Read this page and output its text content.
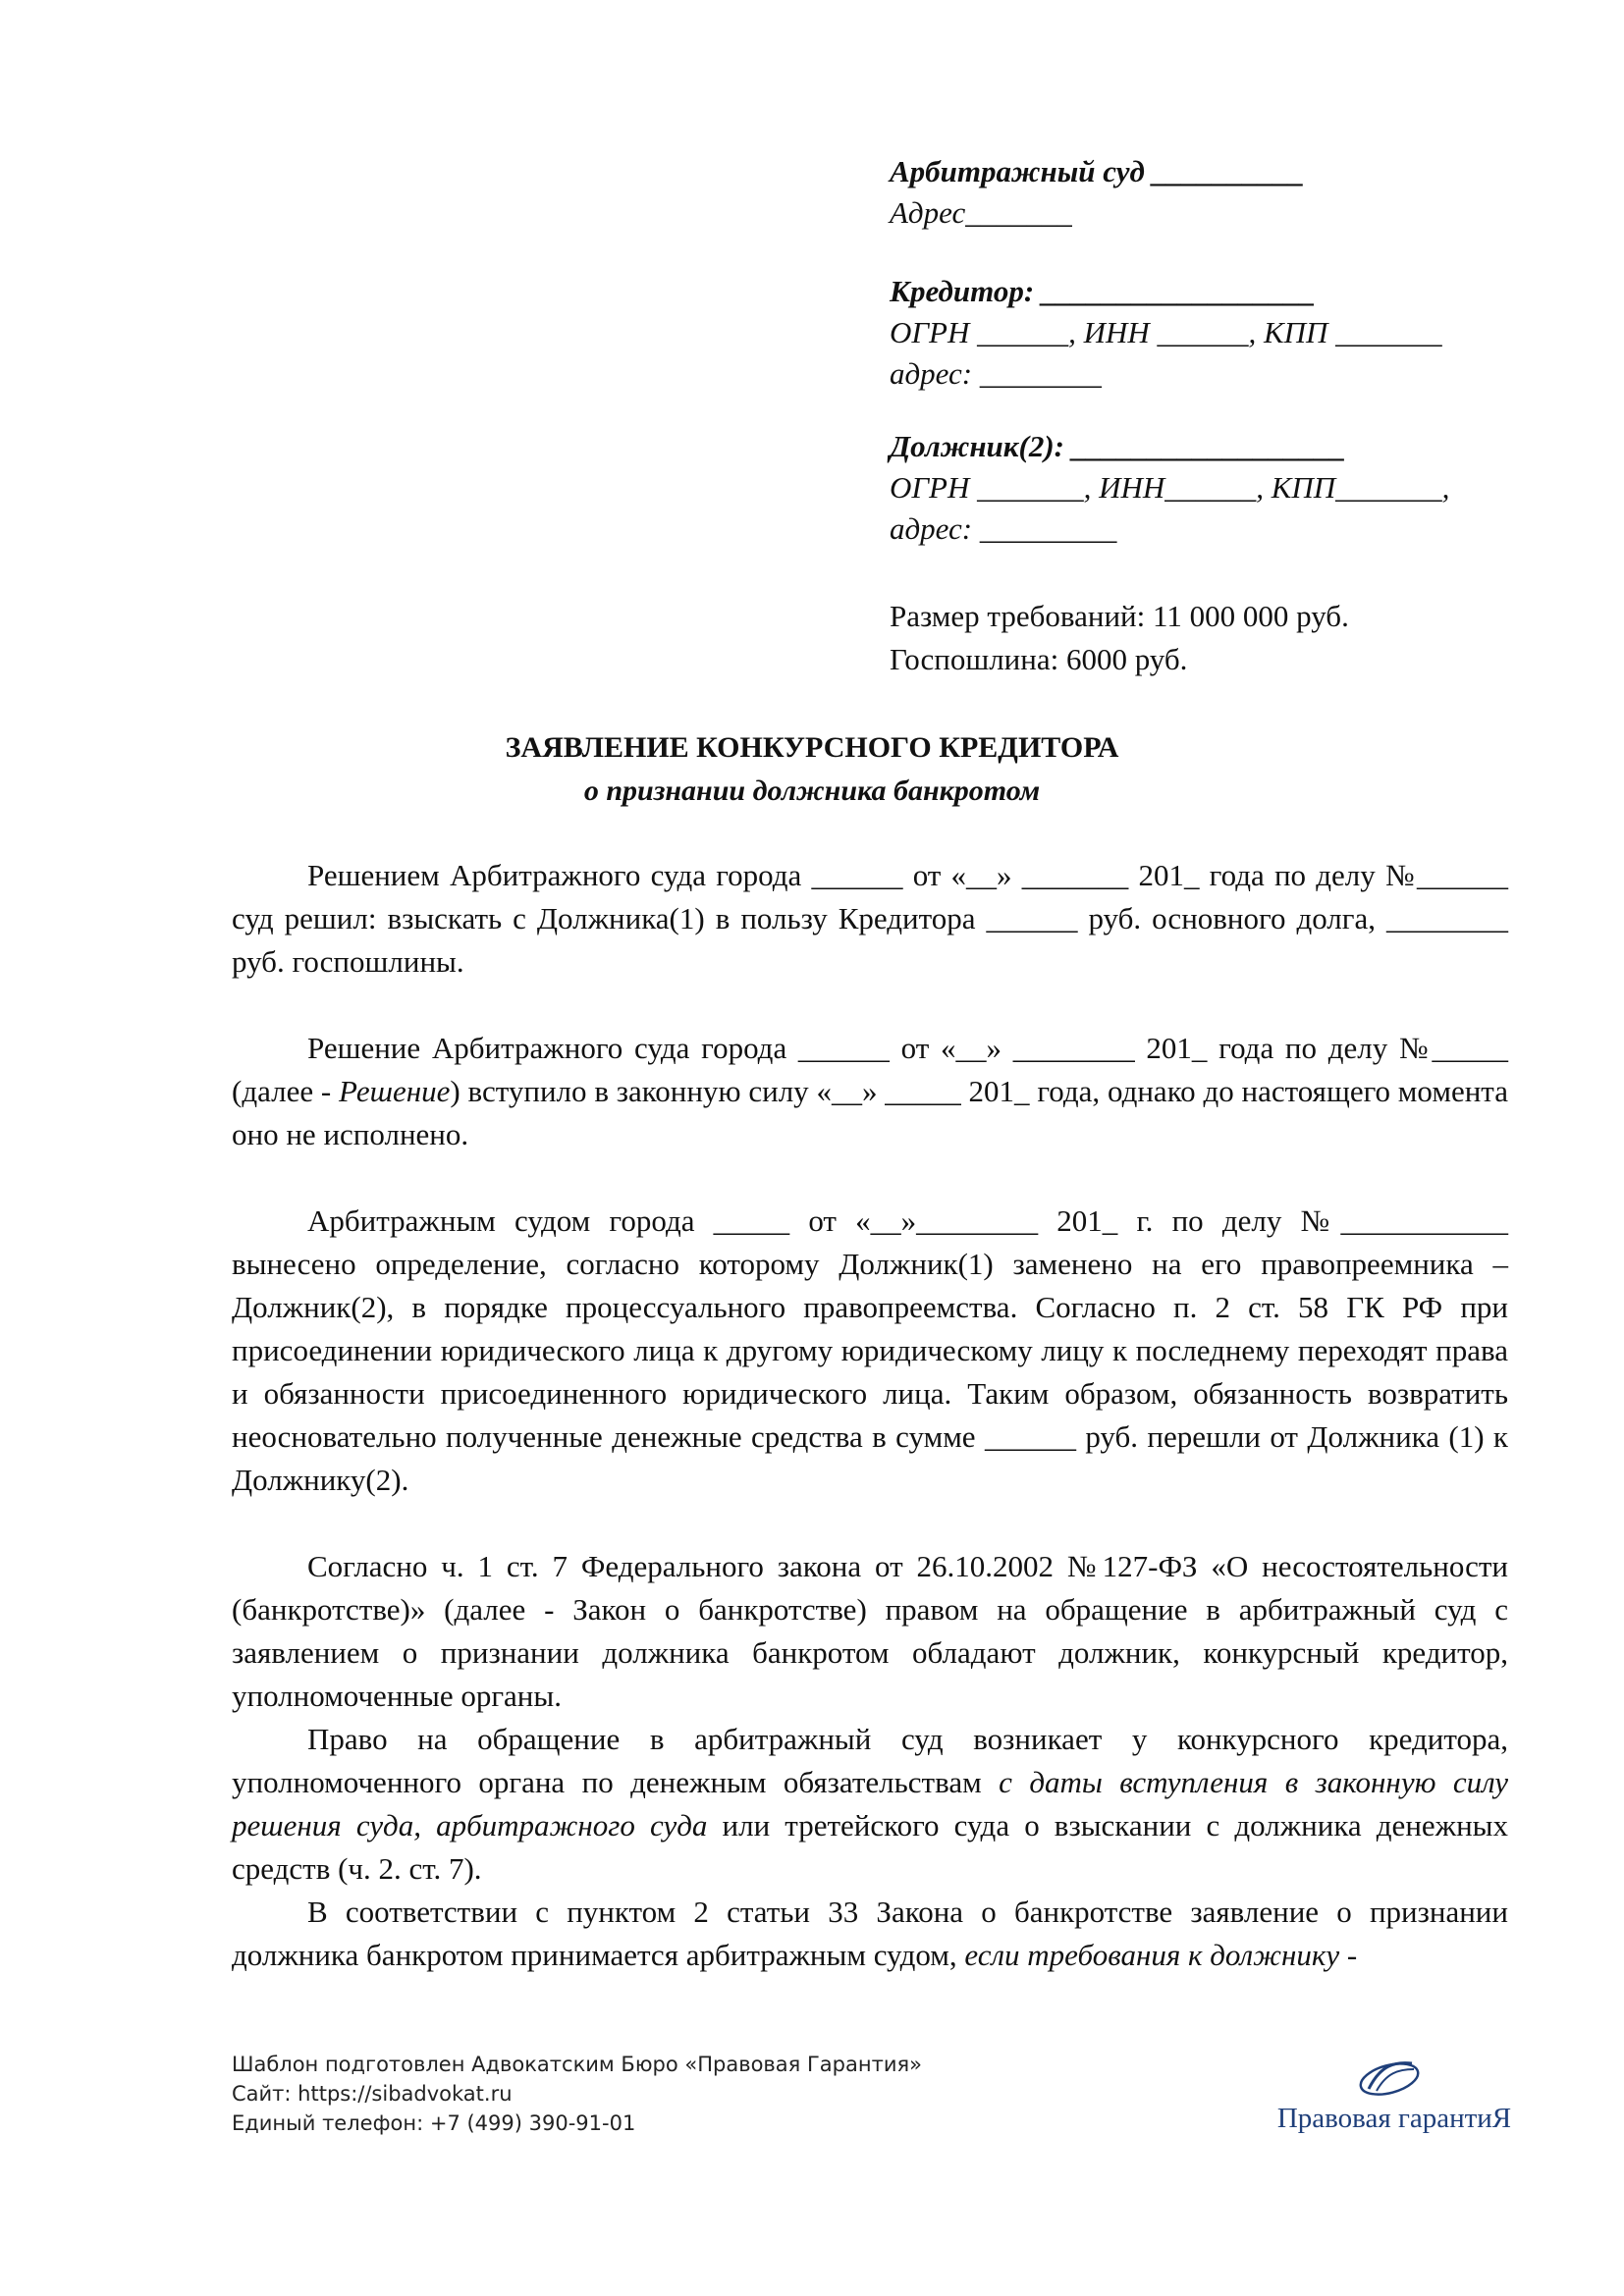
Арбитражный суд __________
Адрес_______
Кредитор: __________________
ОГРН ______, ИНН ______, КПП _______
адрес: ________
Должник(2): __________________
ОГРН _______, ИНН______, КПП_______,
адрес: _________
Размер требований: 11 000 000 руб.
Госпошлина: 6000 руб.
ЗАЯВЛЕНИЕ КОНКУРСНОГО КРЕДИТОРА
о признании должника банкротом

Решением Арбитражного суда города ______ от «__» _______ 201_ года по делу №______ суд решил: взыскать с Должника(1) в пользу Кредитора ______ руб. основного долга, ________ руб. госпошлины.

Решение Арбитражного суда города ______ от «__» ________ 201_ года по делу №_____ (далее - Решение) вступило в законную силу «__» _____ 201_ года, однако до настоящего момента оно не исполнено.

Арбитражным судом города _____ от «__»________ 201_ г. по делу №___________ вынесено определение, согласно которому Должник(1) заменено на его правопреемника – Должник(2), в порядке процессуального правопреемства. Согласно п. 2 ст. 58 ГК РФ при присоединении юридического лица к другому юридическому лицу к последнему переходят права и обязанности присоединенного юридического лица. Таким образом, обязанность возвратить неосновательно полученные денежные средства в сумме ______ руб. перешли от Должника (1) к Должнику(2).

Согласно ч. 1 ст. 7 Федерального закона от 26.10.2002 №127-ФЗ «О несостоятельности (банкротстве)» (далее - Закон о банкротстве) правом на обращение в арбитражный суд с заявлением о признании должника банкротом обладают должник, конкурсный кредитор, уполномоченные органы.

Право на обращение в арбитражный суд возникает у конкурсного кредитора, уполномоченного органа по денежным обязательствам с даты вступления в законную силу решения суда, арбитражного суда или третейского суда о взыскании с должника денежных средств (ч. 2. ст. 7).

В соответствии с пунктом 2 статьи 33 Закона о банкротстве заявление о признании должника банкротом принимается арбитражным судом, если требования к должнику -

Шаблон подготовлен Адвокатским Бюро «Правовая Гарантия»
Сайт: https://sibadvokat.ru
Единый телефон: +7 (499) 390-91-01	Правовая гарантиЯ
